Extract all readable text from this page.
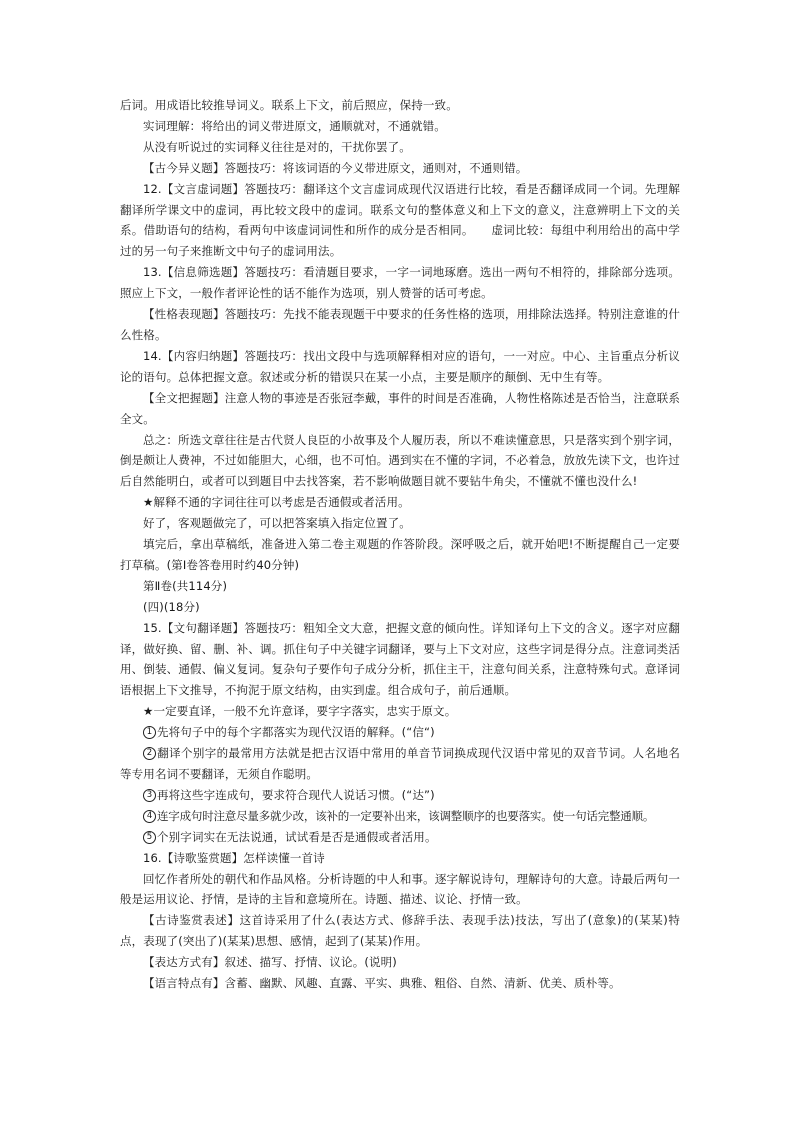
后词。用成语比较推导词义。联系上下文，前后照应，保持一致。

实词理解：将给出的词义带进原文，通顺就对，不通就错。

从没有听说过的实词释义往往是对的，干扰你罢了。

【古今异义题】答题技巧：将该词语的今义带进原文，通则对，不通则错。

12.【文言虚词题】答题技巧：翻译这个文言虚词成现代汉语进行比较，看是否翻译成同一个词。先理解翻译所学课文中的虚词，再比较文段中的虚词。联系文句的整体意义和上下文的意义，注意辨明上下文的关系。借助语句的结构，看两句中该虚词词性和所作的成分是否相同。　　虚词比较：每组中利用给出的高中学过的另一句子来推断文中句子的虚词用法。

13.【信息筛选题】答题技巧：看清题目要求，一字一词地琢磨。选出一两句不相符的，排除部分选项。照应上下文，一般作者评论性的话不能作为选项，别人赞誉的话可考虑。

【性格表现题】答题技巧：先找不能表现题干中要求的任务性格的选项，用排除法选择。特别注意谁的什么性格。

14.【内容归纳题】答题技巧：找出文段中与选项解释相对应的语句，一一对应。中心、主旨重点分析议论的语句。总体把握文意。叙述或分析的错误只在某一小点，主要是顺序的颠倒、无中生有等。

【全文把握题】注意人物的事迹是否张冠李戴，事件的时间是否准确，人物性格陈述是否恰当，注意联系全文。

总之：所选文章往往是古代贤人良臣的小故事及个人履历表，所以不难读懂意思，只是落实到个别字词，倒是颇让人费神，不过如能胆大，心细，也不可怕。遇到实在不懂的字词，不必着急，放放先读下文，也许过后自然能明白，或者可以到题目中去找答案，若不影响做题目就不要钻牛角尖，不懂就不懂也没什么!

★解释不通的字词往往可以考虑是否通假或者活用。

好了，客观题做完了，可以把答案填入指定位置了。

填完后，拿出草稿纸，准备进入第二卷主观题的作答阶段。深呼吸之后，就开始吧!不断提醒自己一定要打草稿。(第Ⅰ卷答卷用时约40分钟)

第Ⅱ卷(共114分)

(四)(18分)

15.【文句翻译题】答题技巧：粗知全文大意，把握文意的倾向性。详知译句上下文的含义。逐字对应翻译，做好换、留、删、补、调。抓住句子中关键字词翻译，要与上下文对应，这些字词是得分点。注意词类活用、倒装、通假、偏义复词。复杂句子要作句子成分分析，抓住主干，注意句间关系，注意特殊句式。意译词语根据上下文推导，不拘泥于原文结构，由实到虚。组合成句子，前后通顺。

★一定要直译，一般不允许意译，要字字落实，忠实于原文。

1 先将句子中的每个字都落实为现代汉语的解释。(“信“)

2 翻译个别字的最常用方法就是把古汉语中常用的单音节词换成现代汉语中常见的双音节词。人名地名等专用名词不要翻译，无须自作聪明。

3 再将这些字连成句，要求符合现代人说话习惯。(“达”)

4 连字成句时注意尽量多就少改，该补的一定要补出来，该调整顺序的也要落实。使一句话完整通顺。

5 个别字词实在无法说通，试试看是否是通假或者活用。

16.【诗歌鉴赏题】怎样读懂一首诗

回忆作者所处的朝代和作品风格。分析诗题的中人和事。逐字解说诗句，理解诗句的大意。诗最后两句一般是运用议论、抒情，是诗的主旨和意境所在。诗题、描述、议论、抒情一致。

【古诗鉴赏表述】这首诗采用了什么(表达方式、修辞手法、表现手法)技法，写出了(意象)的(某某)特点，表现了(突出了)(某某)思想、感情，起到了(某某)作用。

【表达方式有】叙述、描写、抒情、议论。(说明)

【语言特点有】含蓄、幽默、风趣、直露、平实、典雅、粗俗、自然、清新、优美、质朴等。
